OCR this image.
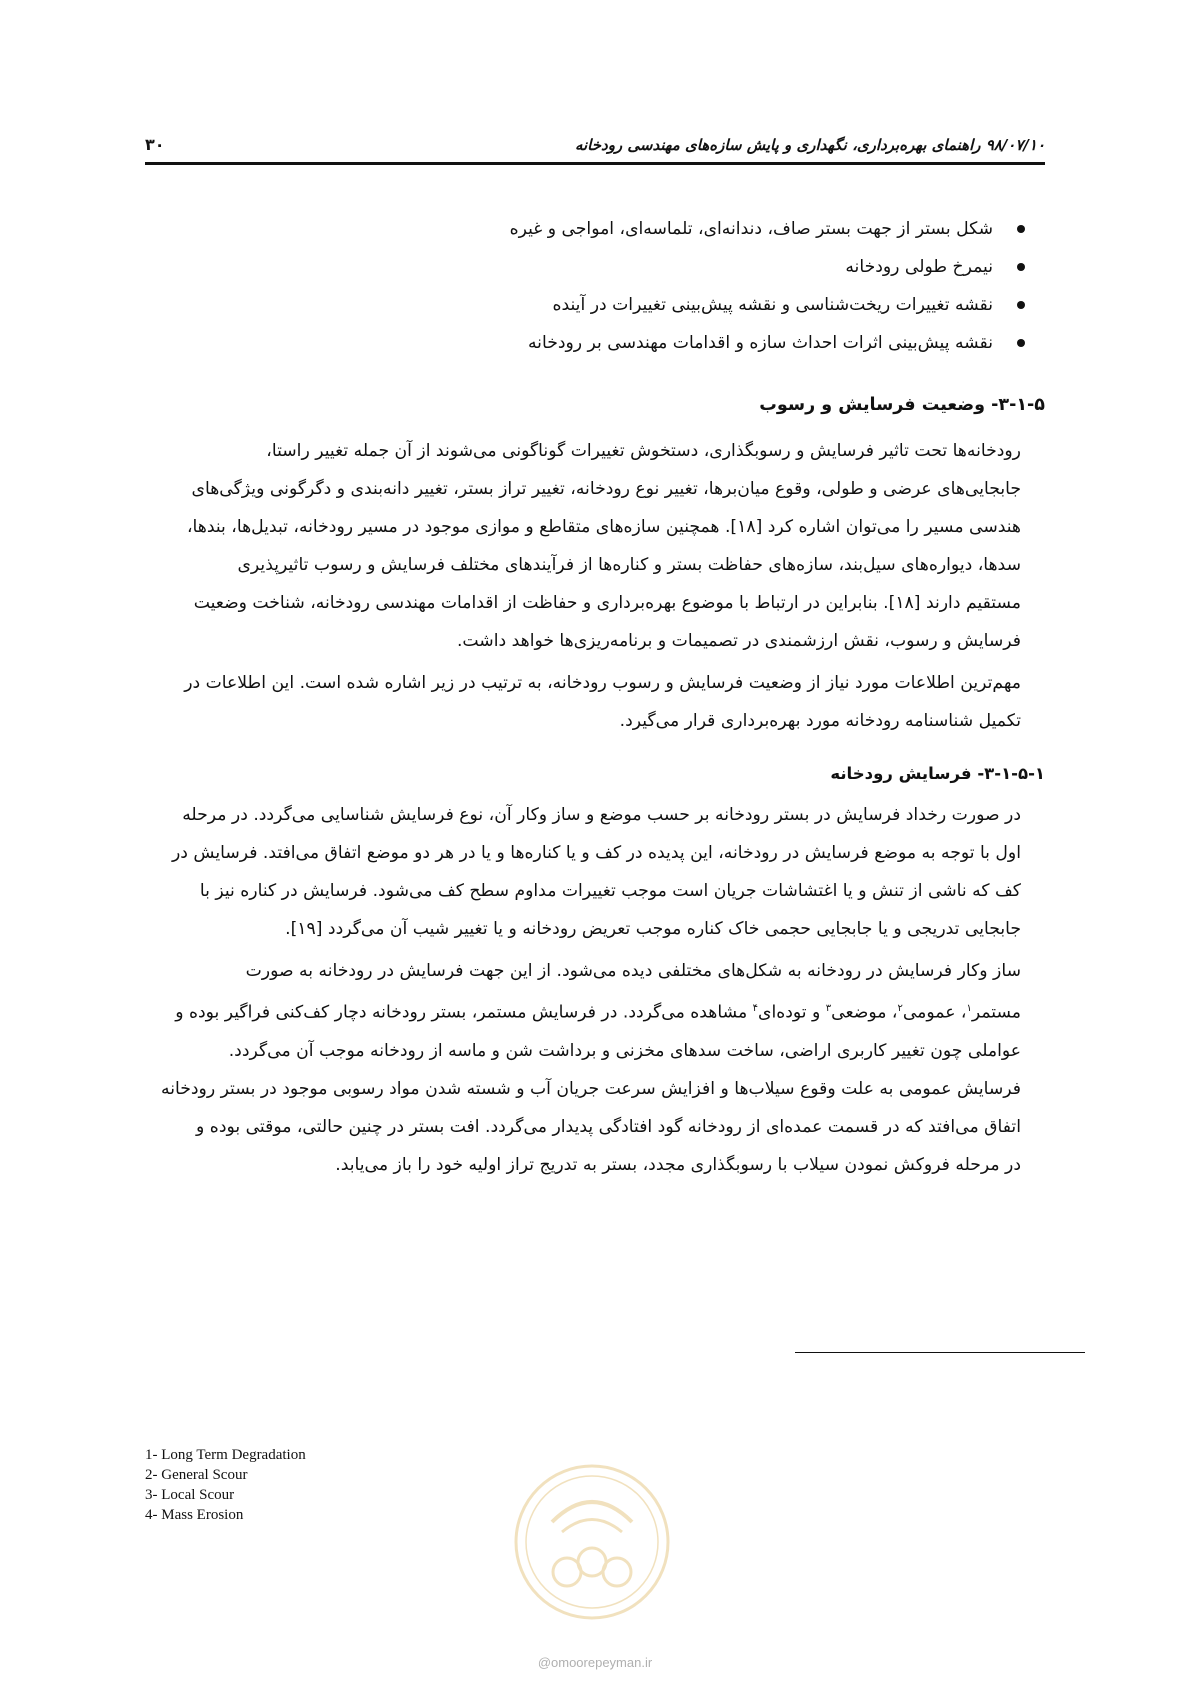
۳۰	۹۸/۰۷/۱۰ راهنمای بهره‌برداری، نگهداری و پایش سازه‌های مهندسی رودخانه
شکل بستر از جهت بستر صاف، دندانه‌ای، تلماسه‌ای، امواجی و غیره
نیمرخ طولی رودخانه
نقشه تغییرات ریخت‌شناسی و نقشه پیش‌بینی تغییرات در آینده
نقشه پیش‌بینی اثرات احداث سازه و اقدامات مهندسی بر رودخانه
۳-۱-۵- وضعیت فرسایش و رسوب

رودخانه‌ها تحت تاثیر فرسایش و رسوبگذاری، دستخوش تغییرات گوناگونی می‌شوند از آن جمله تغییر راستا،
جابجایی‌های عرضی و طولی، وقوع میان‌برها، تغییر نوع رودخانه، تغییر تراز بستر، تغییر دانه‌بندی و دگرگونی ویژگی‌های
هندسی مسیر را می‌توان اشاره کرد [۱۸]. همچنین سازه‌های متقاطع و موازی موجود در مسیر رودخانه، تبدیل‌ها، بندها،
سدها، دیواره‌های سیل‌بند، سازه‌های حفاظت بستر و کناره‌ها از فرآیندهای مختلف فرسایش و رسوب تاثیرپذیری
مستقیم دارند [۱۸]. بنابراین در ارتباط با موضوع بهره‌برداری و حفاظت از اقدامات مهندسی رودخانه، شناخت وضعیت
فرسایش و رسوب، نقش ارزشمندی در تصمیمات و برنامه‌ریزی‌ها خواهد داشت.

مهم‌ترین اطلاعات مورد نیاز از وضعیت فرسایش و رسوب رودخانه، به ترتیب در زیر اشاره شده است. این اطلاعات در
تکمیل شناسنامه رودخانه مورد بهره‌برداری قرار می‌گیرد.

۳-۱-۵-۱- فرسایش رودخانه

در صورت رخداد فرسایش در بستر رودخانه بر حسب موضع و ساز وکار آن، نوع فرسایش شناسایی می‌گردد. در مرحله
اول با توجه به موضع فرسایش در رودخانه، این پدیده در کف و یا کناره‌ها و یا در هر دو موضع اتفاق می‌افتد. فرسایش در
کف که ناشی از تنش و یا اغتشاشات جریان است موجب تغییرات مداوم سطح کف می‌شود. فرسایش در کناره نیز با
جابجایی تدریجی و یا جابجایی حجمی خاک کناره موجب تعریض رودخانه و یا تغییر شیب آن می‌گردد [۱۹].

ساز وکار فرسایش در رودخانه به شکل‌های مختلفی دیده می‌شود. از این جهت فرسایش در رودخانه به صورت
مستمر$^۱$، عمومی$^۲$، موضعی$^۳$ و توده‌ای$^۴$ مشاهده می‌گردد. در فرسایش مستمر، بستر رودخانه دچار کف‌کنی فراگیر بوده و
عواملی چون تغییر کاربری اراضی، ساخت سدهای مخزنی و برداشت شن و ماسه از رودخانه موجب آن می‌گردد.
فرسایش عمومی به علت وقوع سیلاب‌ها و افزایش سرعت جریان آب و شسته شدن مواد رسوبی موجود در بستر رودخانه
اتفاق می‌افتد که در قسمت عمده‌ای از رودخانه گود افتادگی پدیدار می‌گردد. افت بستر در چنین حالتی، موقتی بوده و
در مرحله فروکش نمودن سیلاب با رسوبگذاری مجدد، بستر به تدریج تراز اولیه خود را باز می‌یابد.

1- Long Term Degradation
2- General Scour
3- Local Scour
4- Mass Erosion
@omoorepeyman.ir
